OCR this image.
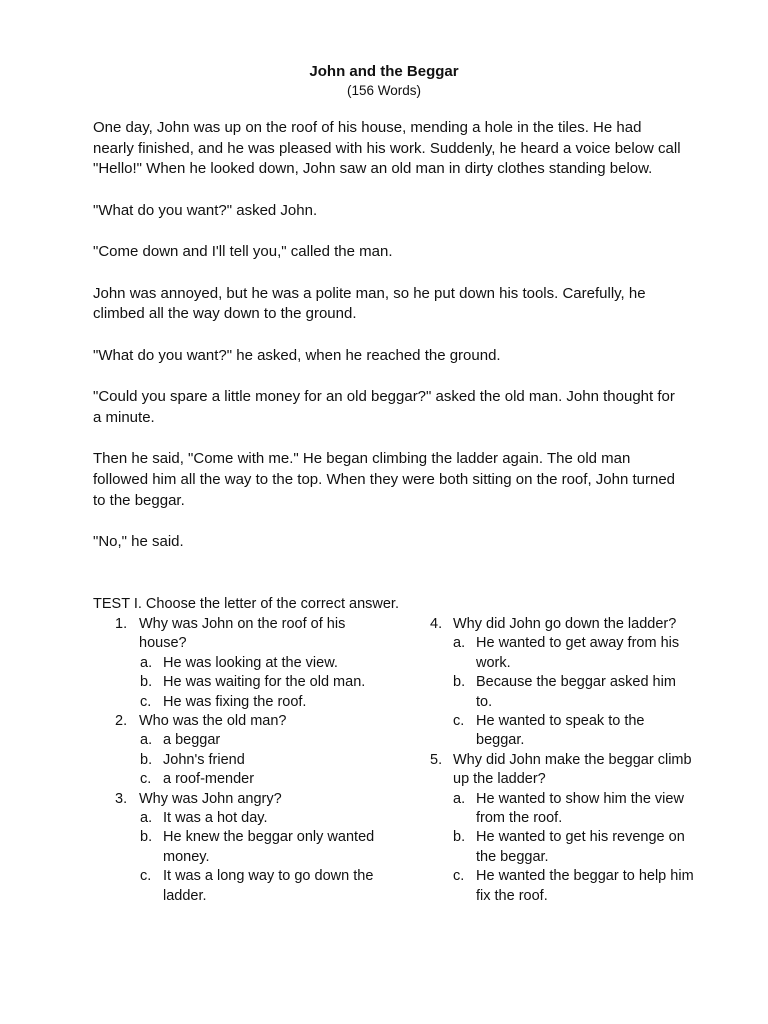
John and the Beggar
(156 Words)

One day, John was up on the roof of his house, mending a hole in the tiles. He had nearly finished, and he was pleased with his work. Suddenly, he heard a voice below call "Hello!" When he looked down, John saw an old man in dirty clothes standing below.

"What do you want?" asked John.

"Come down and I'll tell you," called the man.

John was annoyed, but he was a polite man, so he put down his tools. Carefully, he climbed all the way down to the ground.

"What do you want?" he asked, when he reached the ground.

"Could you spare a little money for an old beggar?" asked the old man. John thought for a minute.

Then he said, "Come with me." He began climbing the ladder again. The old man followed him all the way to the top. When they were both sitting on the roof, John turned to the beggar.

"No," he said.

TEST I. Choose the letter of the correct answer.
1. Why was John on the roof of his house?
a. He was looking at the view.
b. He was waiting for the old man.
c. He was fixing the roof.
2. Who was the old man?
a. a beggar
b. John's friend
c. a roof-mender
3. Why was John angry?
a. It was a hot day.
b. He knew the beggar only wanted money.
c. It was a long way to go down the ladder.
4. Why did John go down the ladder?
a. He wanted to get away from his work.
b. Because the beggar asked him to.
c. He wanted to speak to the beggar.
5. Why did John make the beggar climb up the ladder?
a. He wanted to show him the view from the roof.
b. He wanted to get his revenge on the beggar.
c. He wanted the beggar to help him fix the roof.
